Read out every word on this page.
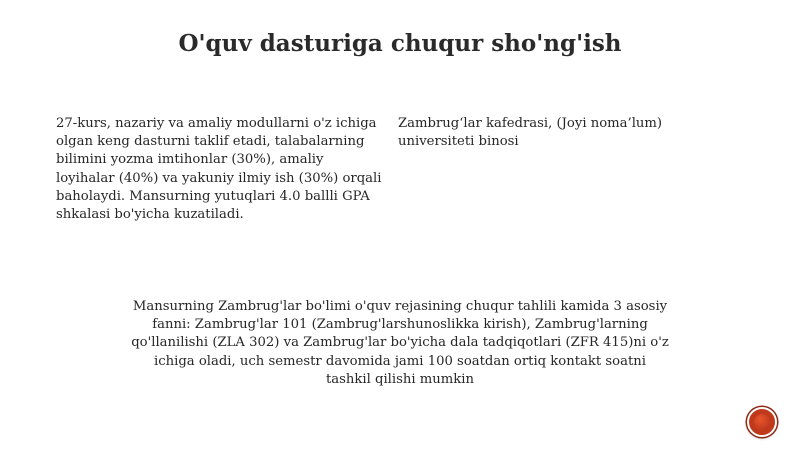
O'quv dasturiga chuqur sho'ng'ish
27-kurs, nazariy va amaliy modullarni o'z ichiga olgan keng dasturni taklif etadi, talabalarning bilimini yozma imtihonlar (30%), amaliy loyihalar (40%) va yakuniy ilmiy ish (30%) orqali baholaydi. Mansurning yutuqlari 4.0 ballli GPA shkalasi bo'yicha kuzatiladi.
Zambrug‘lar kafedrasi, (Joyi noma’lum) universiteti binosi
Mansurning Zambrug'lar bo'limi o'quv rejasining chuqur tahlili kamida 3 asosiy fanni: Zambrug'lar 101 (Zambrug'larshunoslikka kirish), Zambrug'larning qo'llanilishi (ZLA 302) va Zambrug'lar bo'yicha dala tadqiqotlari (ZFR 415)ni o'z ichiga oladi, uch semestr davomida jami 100 soatdan ortiq kontakt soatni tashkil qilishi mumkin
